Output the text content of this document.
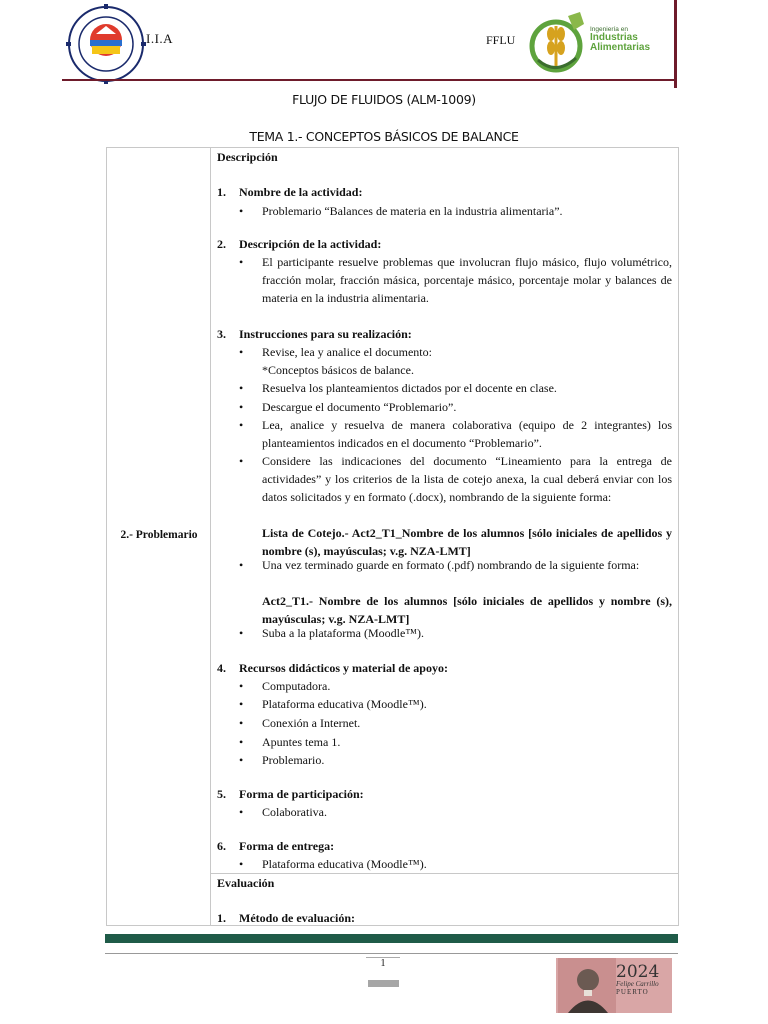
I.I.A	FFLU
Ingeniería en
Industrias
Alimentarias
FLUJO DE FLUIDOS (ALM-1009)
TEMA 1.- CONCEPTOS BÁSICOS DE BALANCE
2.- Problemario
Descripción
1. Nombre de la actividad:
• Problemario “Balances de materia en la industria alimentaria”.
2. Descripción de la actividad:
• El participante resuelve problemas que involucran flujo másico, flujo volumétrico, fracción molar, fracción másica, porcentaje másico, porcentaje molar y balances de materia en la industria alimentaria.
3. Instrucciones para su realización:
• Revise, lea y analice el documento:
*Conceptos básicos de balance.
• Resuelva los planteamientos dictados por el docente en clase.
• Descargue el documento “Problemario”.
• Lea, analice y resuelva de manera colaborativa (equipo de 2 integrantes) los planteamientos indicados en el documento “Problemario”.
• Considere las indicaciones del documento “Lineamiento para la entrega de actividades” y los criterios de la lista de cotejo anexa, la cual deberá enviar con los datos solicitados y en formato (.docx), nombrando de la siguiente forma:
Lista de Cotejo.- Act2_T1_Nombre de los alumnos [sólo iniciales de apellidos y nombre (s), mayúsculas; v.g. NZA-LMT]
• Una vez terminado guarde en formato (.pdf) nombrando de la siguiente forma:
Act2_T1.- Nombre de los alumnos [sólo iniciales de apellidos y nombre (s), mayúsculas; v.g. NZA-LMT]
• Suba a la plataforma (Moodle™).
4. Recursos didácticos y material de apoyo:
• Computadora.
• Plataforma educativa (Moodle™).
• Conexión a Internet.
• Apuntes tema 1.
• Problemario.
5. Forma de participación:
• Colaborativa.
6. Forma de entrega:
• Plataforma educativa (Moodle™).
Evaluación
1. Método de evaluación:
1	2024
Felipe Carrillo
PUERTO
